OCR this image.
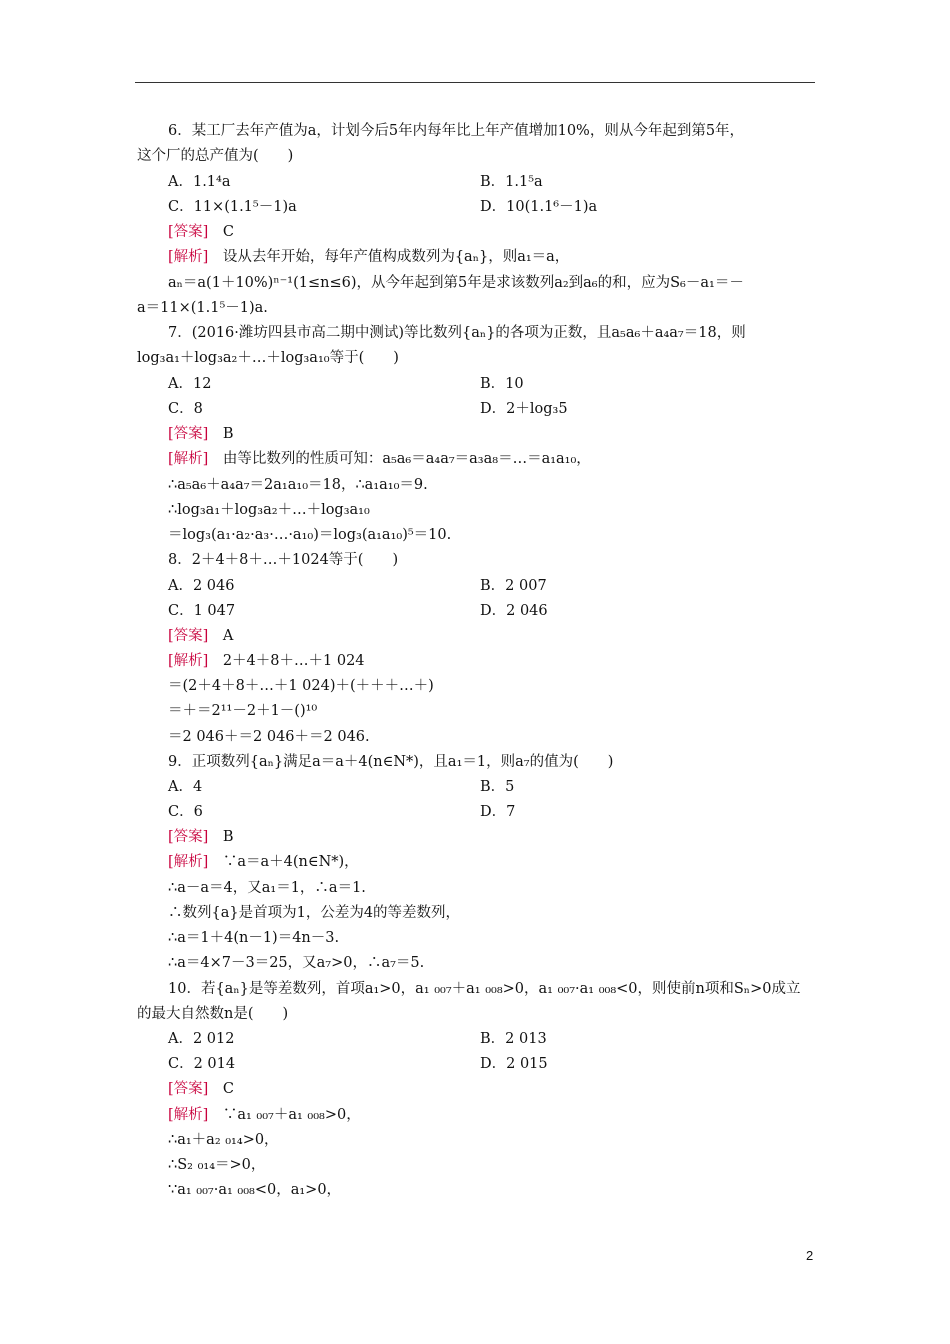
6．某工厂去年产值为a，计划今后5年内每年比上年产值增加10%，则从今年起到第5年，
这个厂的总产值为(　　)
A．1.1⁴a	B．1.1⁵a
C．11×(1.1⁵－1)a	D．10(1.1⁶－1)a
[答案]　C
[解析]　设从去年开始，每年产值构成数列为{aₙ}，则a₁＝a，
aₙ＝a(1＋10%)ⁿ⁻¹(1≤n≤6)，从今年起到第5年是求该数列a₂到a₆的和，应为S₆－a₁＝－
a＝11×(1.1⁵－1)a.
7．(2016·潍坊四县市高二期中测试)等比数列{aₙ}的各项为正数，且a₅a₆＋a₄a₇＝18，则
log₃a₁＋log₃a₂＋…＋log₃a₁₀等于(　　)
A．12	B．10
C．8	D．2＋log₃5
[答案]　B
[解析]　由等比数列的性质可知：a₅a₆＝a₄a₇＝a₃a₈＝…＝a₁a₁₀，
∴a₅a₆＋a₄a₇＝2a₁a₁₀＝18，∴a₁a₁₀＝9.
∴log₃a₁＋log₃a₂＋…＋log₃a₁₀
＝log₃(a₁·a₂·a₃·…·a₁₀)＝log₃(a₁a₁₀)⁵＝10.
8．2＋4＋8＋…＋1024等于(　　)
A．2 046	B．2 007
C．1 047	D．2 046
[答案]　A
[解析]　2＋4＋8＋…＋1 024
＝(2＋4＋8＋…＋1 024)＋(＋＋＋…＋)
＝＋＝2¹¹－2＋1－()¹⁰
＝2 046＋＝2 046＋＝2 046.
9．正项数列{aₙ}满足a＝a＋4(n∈N*)，且a₁＝1，则a₇的值为(　　)
A．4	B．5
C．6	D．7
[答案]　B
[解析]　∵a＝a＋4(n∈N*)，
∴a－a＝4，又a₁＝1，∴a＝1.
∴数列{a}是首项为1，公差为4的等差数列，
∴a＝1＋4(n－1)＝4n－3.
∴a＝4×7－3＝25，又a₇>0，∴a₇＝5.
10．若{aₙ}是等差数列，首项a₁>0，a₁ ₀₀₇＋a₁ ₀₀₈>0，a₁ ₀₀₇·a₁ ₀₀₈<0，则使前n项和Sₙ>0成立
的最大自然数n是(　　)
A．2 012	B．2 013
C．2 014	D．2 015
[答案]　C
[解析]　∵a₁ ₀₀₇＋a₁ ₀₀₈>0，
∴a₁＋a₂ ₀₁₄>0，
∴S₂ ₀₁₄＝>0，
∵a₁ ₀₀₇·a₁ ₀₀₈<0，a₁>0，
2
